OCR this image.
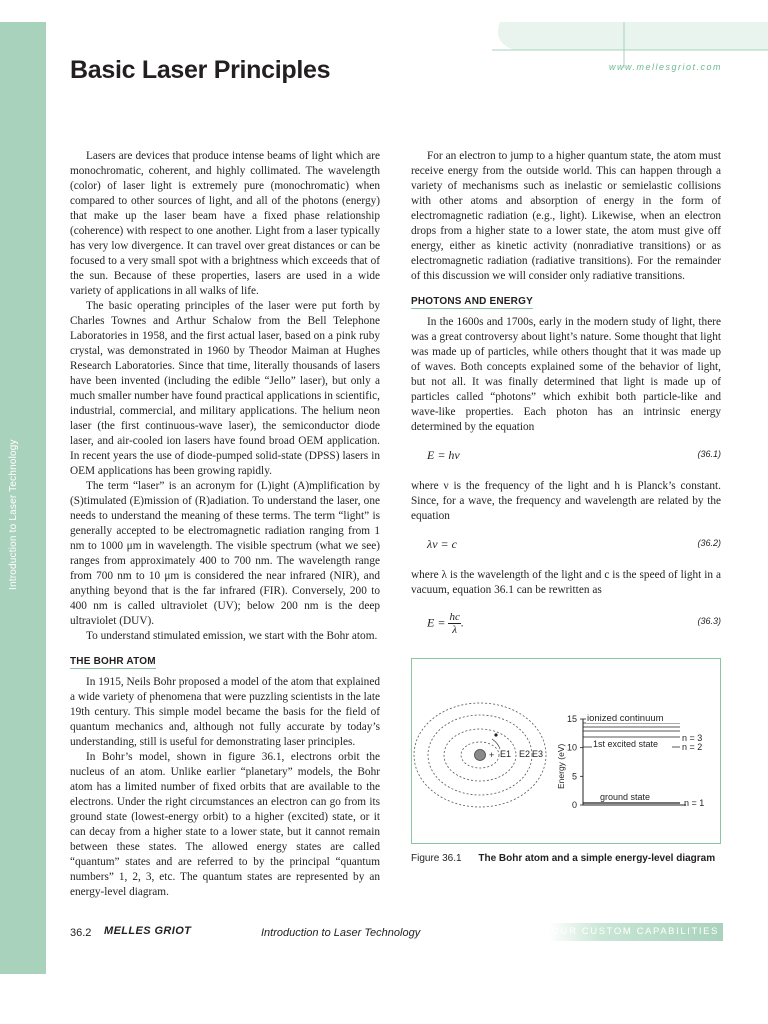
Introduction to Laser Technology
www.mellesgriot.com
Basic Laser Principles

Lasers are devices that produce intense beams of light which are monochromatic, coherent, and highly collimated. The wavelength (color) of laser light is extremely pure (monochromatic) when compared to other sources of light, and all of the photons (energy) that make up the laser beam have a fixed phase relationship (coherence) with respect to one another. Light from a laser typically has very low divergence. It can travel over great distances or can be focused to a very small spot with a brightness which exceeds that of the sun. Because of these properties, lasers are used in a wide variety of applications in all walks of life.

The basic operating principles of the laser were put forth by Charles Townes and Arthur Schalow from the Bell Telephone Laboratories in 1958, and the first actual laser, based on a pink ruby crystal, was demonstrated in 1960 by Theodor Maiman at Hughes Research Laboratories. Since that time, literally thousands of lasers have been invented (including the edible “Jello” laser), but only a much smaller number have found practical applications in scientific, industrial, commercial, and military applications. The helium neon laser (the first continuous-wave laser), the semiconductor diode laser, and air-cooled ion lasers have found broad OEM application. In recent years the use of diode-pumped solid-state (DPSS) lasers in OEM applications has been growing rapidly.

The term “laser” is an acronym for (L)ight (A)mplification by (S)timulated (E)mission of (R)adiation. To understand the laser, one needs to understand the meaning of these terms. The term “light” is generally accepted to be electromagnetic radiation ranging from 1 nm to 1000 μm in wavelength. The visible spectrum (what we see) ranges from approximately 400 to 700 nm. The wavelength range from 700 nm to 10 μm is considered the near infrared (NIR), and anything beyond that is the far infrared (FIR). Conversely, 200 to 400 nm is called ultraviolet (UV); below 200 nm is the deep ultraviolet (DUV).

To understand stimulated emission, we start with the Bohr atom.

THE BOHR ATOM

In 1915, Neils Bohr proposed a model of the atom that explained a wide variety of phenomena that were puzzling scientists in the late 19th century. This simple model became the basis for the field of quantum mechanics and, although not fully accurate by today’s understanding, still is useful for demonstrating laser principles.

In Bohr’s model, shown in figure 36.1, electrons orbit the nucleus of an atom. Unlike earlier “planetary” models, the Bohr atom has a limited number of fixed orbits that are available to the electrons. Under the right circumstances an electron can go from its ground state (lowest-energy orbit) to a higher (excited) state, or it can decay from a higher state to a lower state, but it cannot remain between these states. The allowed energy states are called “quantum” states and are referred to by the principal “quantum numbers” 1, 2, 3, etc. The quantum states are represented by an energy-level diagram.

For an electron to jump to a higher quantum state, the atom must receive energy from the outside world. This can happen through a variety of mechanisms such as inelastic or semielastic collisions with other atoms and absorption of energy in the form of electromagnetic radiation (e.g., light). Likewise, when an electron drops from a higher state to a lower state, the atom must give off energy, either as kinetic activity (nonradiative transitions) or as electromagnetic radiation (radiative transitions). For the remainder of this discussion we will consider only radiative transitions.

PHOTONS AND ENERGY

In the 1600s and 1700s, early in the modern study of light, there was a great controversy about light’s nature. Some thought that light was made up of particles, while others thought that it was made up of waves. Both concepts explained some of the behavior of light, but not all. It was finally determined that light is made up of particles called “photons” which exhibit both particle-like and wave-like properties. Each photon has an intrinsic energy determined by the equation

E = hν	(36.1)

where ν is the frequency of the light and h is Planck’s constant. Since, for a wave, the frequency and wavelength are related by the equation

λν = c	(36.2)

where λ is the wavelength of the light and c is the speed of light in a vacuum, equation 36.1 can be rewritten as

$E = \frac{hc}{\lambda}$ .	(36.3)
+ E1 E2 E3 Energy (eV)
15
10
5
0
ionized continuum
1st excited state
ground state
n = 3
n = 2
n = 1
Figure 36.1 The Bohr atom and a simple energy-level diagram
36.2 MELLES GRIOT	Introduction to Laser Technology	ASK ABOUT OUR CUSTOM CAPABILITIES
